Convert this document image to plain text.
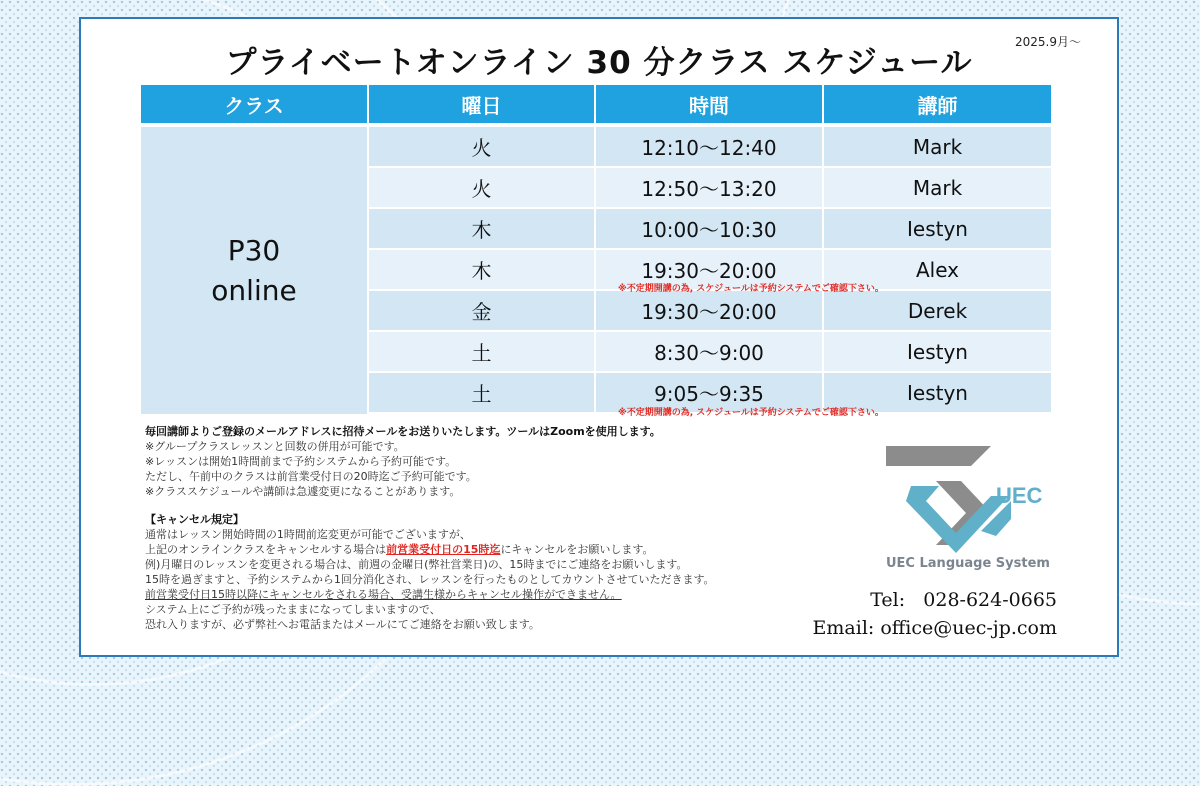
プライベートオンライン 30 分クラス スケジュール
2025.9月～
クラス	曜日	時間	講師
P30
online
火	12:10～12:40	Mark
火	12:50～13:20	Mark
木	10:00～10:30	Iestyn
木	19:30～20:00	Alex
金	19:30～20:00	Derek
土	8:30～9:00	Iestyn
土	9:05～9:35	Iestyn
※不定期開講の為, スケジュールは予約システムでご確認下さい。
※不定期開講の為, スケジュールは予約システムでご確認下さい。
毎回講師よりご登録のメールアドレスに招待メールをお送りいたします。ツールはZoomを使用します。
※グループクラスレッスンと回数の併用が可能です。
※レッスンは開始1時間前まで予約システムから予約可能です。
ただし、午前中のクラスは前営業受付日の20時迄ご予約可能です。
※クラススケジュールや講師は急遽変更になることがあります。
【キャンセル規定】
通常はレッスン開始時間の1時間前迄変更が可能でございますが、
上記のオンラインクラスをキャンセルする場合は前営業受付日の15時迄にキャンセルをお願いします。
例)月曜日のレッスンを変更される場合は、前週の金曜日(弊社営業日)の、15時までにご連絡をお願いします。
15時を過ぎますと、予約システムから1回分消化され、レッスンを行ったものとしてカウントさせていただきます。
前営業受付日15時以降にキャンセルをされる場合、受講生様からキャンセル操作ができません。
システム上にご予約が残ったままになってしまいますので、
恐れ入りますが、必ず弊社へお電話またはメールにてご連絡をお願い致します。
UEC
UEC Language System
Tel:   028-624-0665
Email: office@uec-jp.com
